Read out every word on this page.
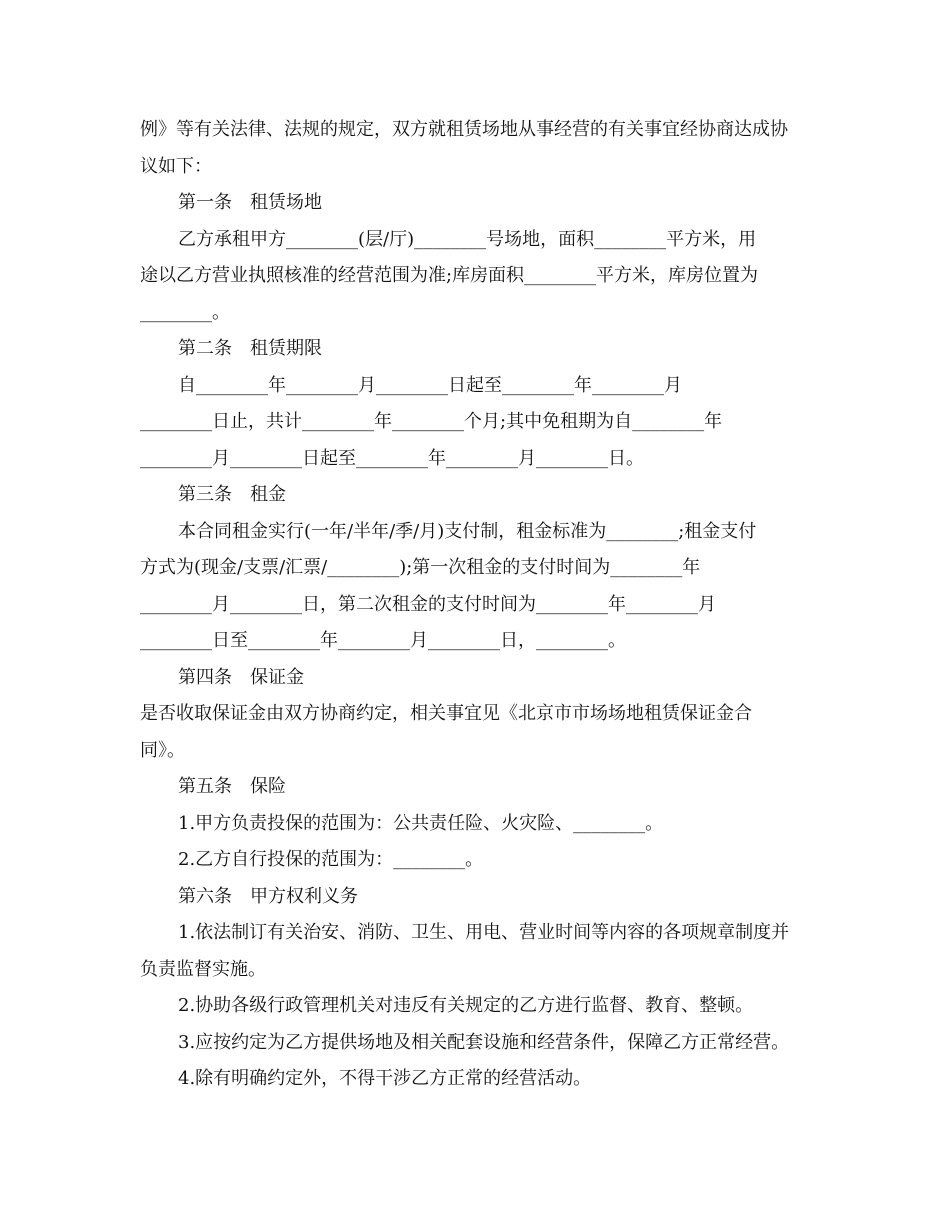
例》等有关法律、法规的规定，双方就租赁场地从事经营的有关事宜经协商达成协
议如下：
第一条　租赁场地
乙方承租甲方________(层/厅)________号场地，面积________平方米，用
途以乙方营业执照核准的经营范围为准;库房面积________平方米，库房位置为
________。
第二条　租赁期限
自________年________月________日起至________年________月
________日止，共计________年________个月;其中免租期为自________年
________月________日起至________年________月________日。
第三条　租金
本合同租金实行(一年/半年/季/月)支付制，租金标准为________;租金支付
方式为(现金/支票/汇票/________);第一次租金的支付时间为________年
________月________日，第二次租金的支付时间为________年________月
________日至________年________月________日，________。
第四条　保证金
是否收取保证金由双方协商约定，相关事宜见《北京市市场场地租赁保证金合
同》。
第五条　保险
1.甲方负责投保的范围为：公共责任险、火灾险、________。
2.乙方自行投保的范围为：________。
第六条　甲方权利义务
1.依法制订有关治安、消防、卫生、用电、营业时间等内容的各项规章制度并
负责监督实施。
2.协助各级行政管理机关对违反有关规定的乙方进行监督、教育、整顿。
3.应按约定为乙方提供场地及相关配套设施和经营条件，保障乙方正常经营。
4.除有明确约定外，不得干涉乙方正常的经营活动。
